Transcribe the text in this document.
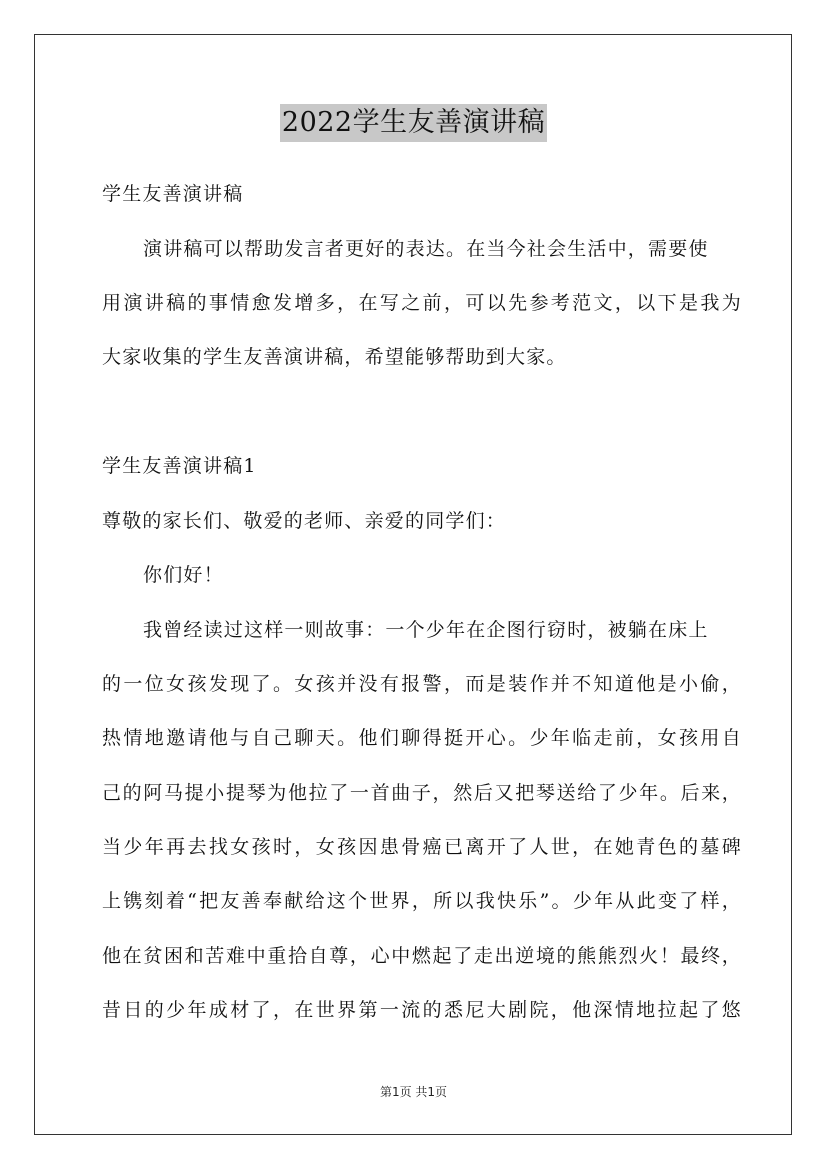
2022学生友善演讲稿
学生友善演讲稿
演讲稿可以帮助发言者更好的表达。在当今社会生活中，需要使
用演讲稿的事情愈发增多，在写之前，可以先参考范文，以下是我为
大家收集的学生友善演讲稿，希望能够帮助到大家。
学生友善演讲稿1
尊敬的家长们、敬爱的老师、亲爱的同学们：
你们好！
我曾经读过这样一则故事：一个少年在企图行窃时，被躺在床上
的一位女孩发现了。女孩并没有报警，而是装作并不知道他是小偷，
热情地邀请他与自己聊天。他们聊得挺开心。少年临走前，女孩用自
己的阿马提小提琴为他拉了一首曲子，然后又把琴送给了少年。后来，
当少年再去找女孩时，女孩因患骨癌已离开了人世，在她青色的墓碑
上镌刻着“把友善奉献给这个世界，所以我快乐”。少年从此变了样，
他在贫困和苦难中重拾自尊，心中燃起了走出逆境的熊熊烈火！最终，
昔日的少年成材了，在世界第一流的悉尼大剧院，他深情地拉起了悠
第1页 共1页
